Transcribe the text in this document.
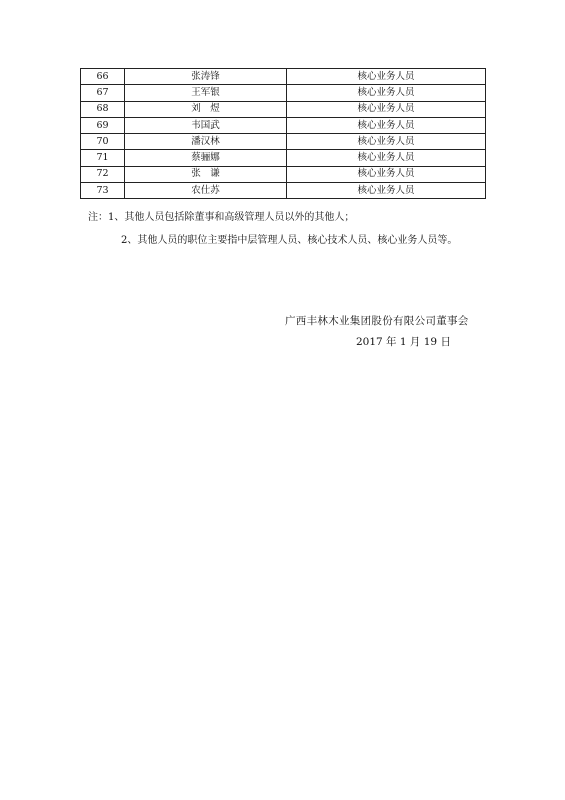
66	张涛锋	核心业务人员
67	王军银	核心业务人员
68	刘　煜	核心业务人员
69	韦国武	核心业务人员
70	潘汉林	核心业务人员
71	蔡骊娜	核心业务人员
72	张　谦	核心业务人员
73	农仕苏	核心业务人员
注：1、其他人员包括除董事和高级管理人员以外的其他人；
2、其他人员的职位主要指中层管理人员、核心技术人员、核心业务人员等。
广西丰林木业集团股份有限公司董事会
2017 年 1 月 19 日
